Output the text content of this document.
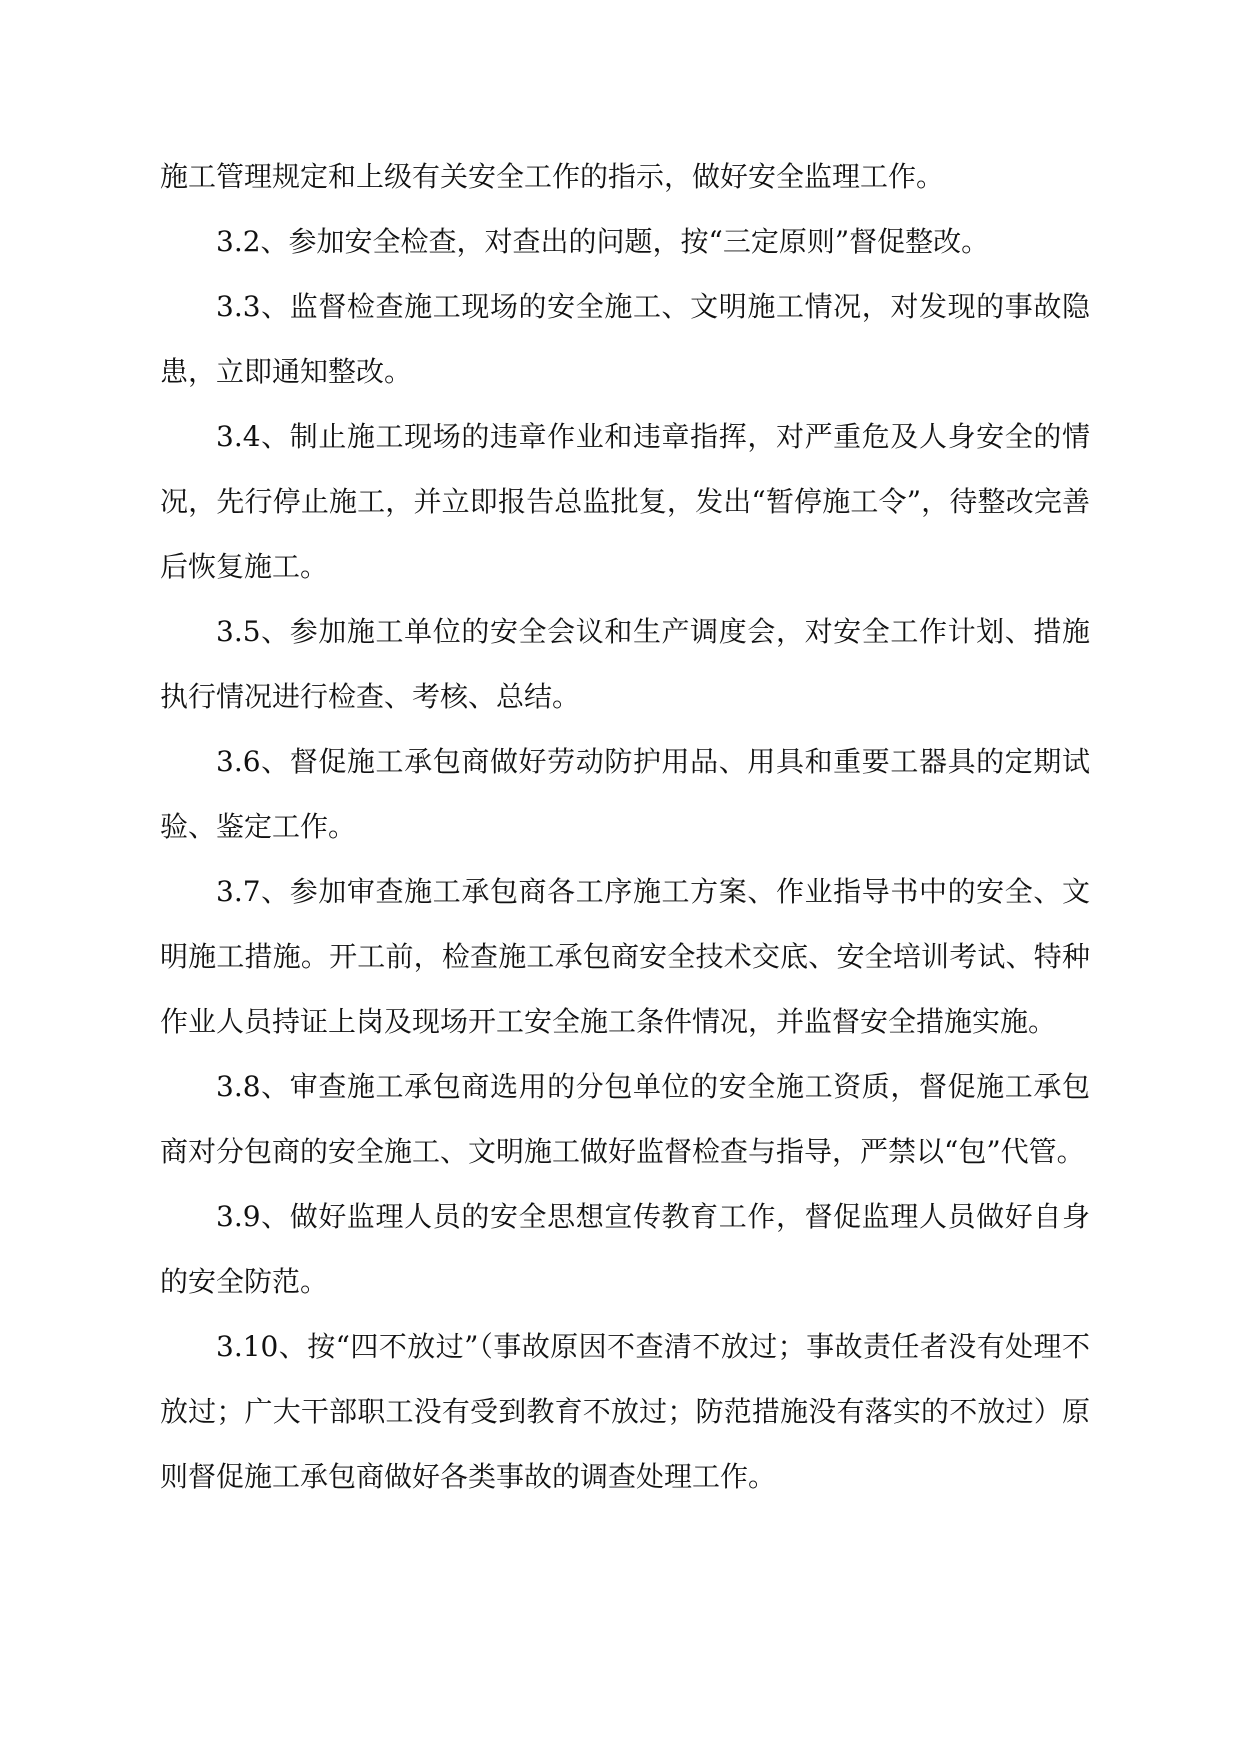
施工管理规定和上级有关安全工作的指示，做好安全监理工作。

3.2、参加安全检查，对查出的问题，按“三定原则”督促整改。

3.3、监督检查施工现场的安全施工、文明施工情况，对发现的事故隐患，立即通知整改。

3.4、制止施工现场的违章作业和违章指挥，对严重危及人身安全的情况，先行停止施工，并立即报告总监批复，发出“暂停施工令”，待整改完善后恢复施工。

3.5、参加施工单位的安全会议和生产调度会，对安全工作计划、措施执行情况进行检查、考核、总结。

3.6、督促施工承包商做好劳动防护用品、用具和重要工器具的定期试验、鉴定工作。

3.7、参加审查施工承包商各工序施工方案、作业指导书中的安全、文明施工措施。开工前，检查施工承包商安全技术交底、安全培训考试、特种作业人员持证上岗及现场开工安全施工条件情况，并监督安全措施实施。

3.8、审查施工承包商选用的分包单位的安全施工资质，督促施工承包商对分包商的安全施工、文明施工做好监督检查与指导，严禁以“包”代管。

3.9、做好监理人员的安全思想宣传教育工作，督促监理人员做好自身的安全防范。

3.10、按“四不放过”（事故原因不查清不放过；事故责任者没有处理不放过；广大干部职工没有受到教育不放过；防范措施没有落实的不放过）原则督促施工承包商做好各类事故的调查处理工作。
